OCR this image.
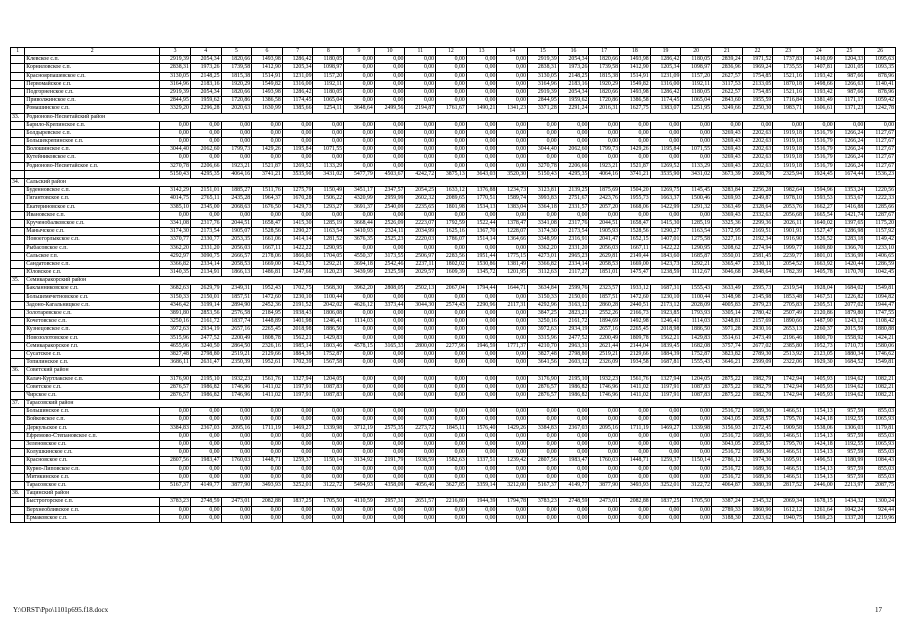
1	2	3	4	5	6	7	8	9	10	11	12	13	14	15	16	17	18	19	20	21	22	23	24	25	26
	Клевское с.п.	2919,39	2054,34	1820,66	1493,98	1286,42	1180,05	0,00	0,00	0,00	0,00	0,00	0,00	2919,39	2054,34	1820,66	1493,98	1286,42	1180,05	2839,24	1971,52	1737,83	1410,09	1204,33	1095,63
	Корниловское с.п.	2838,31	1973,26	1739,58	1412,90	1205,34	1098,97	0,00	0,00	0,00	0,00	0,00	0,00	2838,31	1973,26	1739,58	1412,90	1205,34	1098,97	2836,96	1969,24	1735,55	1407,81	1201,05	1093,35
	Красноярпашевское с.п.	3130,05	2148,25	1815,38	1514,91	1231,09	1157,20	0,00	0,00	0,00	0,00	0,00	0,00	3130,05	2148,25	1815,38	1514,91	1231,09	1157,20	2627,57	1754,85	1521,16	1193,42	987,66	878,96
	Первомайское с.п.	3164,96	2183,16	1920,29	1549,82	1316,00	1192,11	0,00	0,00	0,00	0,00	0,00	0,00	3164,96	2183,16	1920,29	1549,82	1316,00	1192,11	3117,53	2133,05	1870,18	1498,66	1266,63	1140,41
	Подгорненское с.п.	2919,39	2054,34	1820,66	1493,98	1286,42	1180,05	0,00	0,00	0,00	0,00	0,00	0,00	2919,39	2054,34	1820,66	1493,98	1286,42	1180,05	2622,57	1754,85	1521,16	1193,42	987,66	878,96
	Приволжинское с.п.	2844,95	1959,62	1720,86	1386,58	1174,45	1065,04	0,00	0,00	0,00	0,00	0,00	0,00	2844,95	1959,62	1720,86	1386,58	1174,45	1065,04	2843,60	1955,59	1716,84	1381,49	1171,17	1059,42
	Ромашинское с.п.	3329,20	2296,28	2020,63	1630,99	1385,66	1254,11	3648,64	2499,56	2194,87	1761,67	1490,21	1341,23	3371,28	2291,24	2016,31	1627,75	1383,07	1251,95	3249,66	2250,30	1983,71	1606,61	1371,23	1242,78
33.	Родионово-Несветайский район																								
	Барило-Крепинское с.п.	0,00	0,00	0,00	0,00	0,00	0,00	0,00	0,00	0,00	0,00	0,00	0,00	0,00	0,00	0,00	0,00	0,00	0,00	0,00	0,00	0,00	0,00	0,00	0,00
	Болдыревское с.п.	0,00	0,00	0,00	0,00	0,00	0,00	0,00	0,00	0,00	0,00	0,00	0,00	0,00	0,00	0,00	0,00	0,00	0,00	3269,43	2202,63	1919,18	1516,79	1266,24	1127,67
	Большекрепинское с.п.	0,00	0,00	0,00	0,00	0,00	0,00	0,00	0,00	0,00	0,00	0,00	0,00	0,00	0,00	0,00	0,00	0,00	0,00	3269,43	2202,63	1919,18	1516,79	1266,24	1127,67
	Волошинское с.п.	3044,40	2062,60	1799,73	1429,26	1195,84	1071,55	0,00	0,00	0,00	0,00	0,00	0,00	3044,40	2062,60	1799,73	1429,26	1195,84	1071,55	3269,43	2202,63	1919,18	1516,79	1266,24	1127,67
	Кутейниковское с.п.	0,00	0,00	0,00	0,00	0,00	0,00	0,00	0,00	0,00	0,00	0,00	0,00	0,00	0,00	0,00	0,00	0,00	0,00	3269,43	2202,63	1919,18	1516,79	1266,24	1127,67
	Родионово-Несветайское с.п.	3270,78	2206,66	1923,21	1521,87	1269,52	1133,29	0,00	0,00	0,00	0,00	0,00	0,00	3270,78	2206,66	1923,21	1521,87	1269,52	1133,29	3269,43	2202,63	1919,18	1516,79	1266,24	1127,67
		5150,43	4295,35	4064,16	3741,21	3535,90	3431,02	5477,79	4503,67	4242,72	3875,13	3643,03	3520,30	5150,43	4295,35	4064,16	3741,21	3535,90	3431,02	3673,39	2608,79	2325,94	1924,45	1674,44	1536,23
34.	Сальский район																								
	Буденновское с.п.	3142,29	2151,01	1885,27	1511,76	1275,79	1150,49	3451,17	2347,57	2054,25	1633,12	1376,88	1234,73	3123,81	2139,25	1875,69	1504,20	1269,75	1145,45	3283,84	2256,28	1982,64	1594,96	1353,24	1220,56
	Гигантовское с.п.	4014,75	2765,11	2435,28	1964,37	1670,28	1506,22	4320,99	2959,99	2602,32	2089,65	1770,51	1589,74	3993,83	2751,67	2423,76	1955,73	1663,37	1500,46	3269,93	2249,87	1978,10	1593,53	1353,67	1222,33
	Екатериновское с.п.	3385,10	2345,00	2068,63	1676,50	1429,73	1293,27	3691,37	2540,09	2235,65	1801,98	1534,13	1383,04	3364,18	2331,57	2057,20	1668,06	1422,99	1291,32	3363,49	2328,64	2053,76	1662,27	1416,88	1285,66
	Ивановское с.п.	0,00	0,00	0,00	0,00	0,00	0,00	0,00	0,00	0,00	0,00	0,00	0,00	0,00	0,00	0,00	0,00	0,00	0,00	3369,43	2332,63	2056,68	1665,54	1421,74	1287,67
	Крученобалковское с.п.	3341,08	2317,76	2044,51	1658,47	1415,30	1285,19	3668,44	2526,09	2223,07	1792,59	1522,44	1378,47	3341,08	2317,76	2044,51	1658,47	1415,30	1285,19	3325,36	2299,36	2026,11	1640,02	1397,65	1175,20
	Манычское с.п.	3174,30	2173,54	1905,07	1528,56	1290,27	1163,54	3410,93	2324,11	2034,99	1625,16	1367,70	1228,07	3174,30	2173,54	1905,93	1528,56	1290,27	1163,54	3172,95	2169,51	1901,91	1527,47	1286,98	1157,92
	Новоегорлыкское с.п.	3370,77	2330,77	2053,35	1661,06	1414,14	1281,52	3676,35	2525,23	2220,03	1786,07	1514,14	1364,66	3348,99	2316,91	2041,47	1652,15	1407,01	1275,58	3227,16	2192,34	1916,90	1526,52	1283,18	1149,42
	Рыбасовское с.п.	3362,20	2331,20	2056,03	1667,11	1422,22	1290,95	0,00	0,00	0,00	0,00	0,00	0,00	3362,20	2331,20	2056,03	1667,11	1422,22	1290,95	3208,62	2274,94	1999,77	1609,80	1366,70	1233,10
	Сальское г.п.	4292,97	3090,75	2666,57	2178,06	1866,80	1704,05	4550,37	3173,55	2506,97	2283,56	1951,44	1775,15	4273,01	2965,23	2629,81	2149,44	1843,60	1685,87	3550,01	2581,45	2239,77	1801,01	1536,99	1406,65
	Сандатовское с.п.	3366,82	2334,14	2058,53	1669,00	1423,73	1292,21	3694,18	2542,46	2237,11	1802,02	1530,86	1381,49	3366,82	2334,14	2058,53	1669,00	1423,73	1292,21	3365,47	2330,11	2054,52	1663,92	1420,44	1286,59
	Юловское с.п.	3140,35	2134,91	1866,13	1486,81	1247,66	1120,23	3439,99	2325,59	2029,57	1609,39	1345,72	1201,95	3112,63	2117,27	1851,01	1475,47	1238,59	1112,67	3046,68	2048,64	1782,39	1405,78	1170,70	1042,45
35.	Семикаракорский район																								
	Бакланниковское с.п.	3682,63	2629,79	2349,31	1952,43	1702,75	1568,30	3962,20	2808,05	2502,13	2067,04	1794,44	1644,71	3634,84	2599,76	2323,57	1933,12	1687,31	1555,43	3633,49	2595,73	2319,54	1928,04	1684,02	1549,81
	Большемечетновское с.п.	3150,33	2150,01	1857,51	1472,60	1230,10	1100,44	0,00	0,00	0,00	0,00	0,00	0,00	3150,33	2150,01	1857,51	1472,60	1230,10	1100,44	3148,98	2145,98	1853,48	1467,51	1226,82	1094,82
	Задоно-Кагальницкое с.п.	4346,42	3199,14	2894,90	2452,36	2191,52	2042,02	4626,12	3373,44	3044,30	2574,43	2290,96	2117,31	4292,96	3163,12	2860,28	2440,51	2173,12	2028,09	4005,83	2979,23	2705,83	2305,51	2077,02	1944,47
	Золотаревское с.п.	3891,80	2853,56	2576,58	2184,95	1938,43	1806,08	0,00	0,00	0,00	0,00	0,00	0,00	3847,25	2823,21	2552,26	2166,73	1923,85	1793,93	3305,14	2780,42	2507,49	2120,86	1879,80	1747,55
	Кочетовское с.п.	3250,16	2161,72	1837,74	1448,89	1401,98	1246,41	1114,03	0,00	0,00	0,00	0,00	0,00	3250,16	2161,72	1894,69	1492,98	1246,41	1114,03	3248,81	2157,69	1890,66	1487,90	1243,12	1108,42
	Кузнецовское с.п.	3972,63	2934,19	2657,16	2265,45	2018,98	1886,50	0,00	0,00	0,00	0,00	0,00	0,00	3972,63	2934,19	2657,16	2265,45	2018,98	1886,50	3971,28	2930,16	2653,13	2260,37	2015,59	1880,88
	Новозолотовское с.п.	3515,96	2477,52	2200,49	1808,78	1562,21	1429,83	0,00	0,00	0,00	0,00	0,00	0,00	3315,96	2477,52	2200,49	1809,78	1562,21	1429,83	3514,61	2473,49	2196,46	1800,70	1558,92	1424,21
	Семикаракорское г.п.	4655,96	3240,50	2864,50	2326,16	1985,14	1803,46	4578,15	3165,33	2800,00	2277,96	1946,59	1771,37	4210,70	2963,31	2621,44	2144,04	1839,45	1682,08	3757,74	2677,02	2385,80	1952,73	1710,73	1580,06
	Сусатское с.п.	3827,48	2798,80	2519,21	2129,66	1884,39	1752,87	0,00	0,00	0,00	0,00	0,00	0,00	3827,48	2798,80	2519,21	2129,66	1884,39	1752,87	3823,82	2789,30	2513,92	2123,05	1880,34	1746,62
	Топилинское с.п.	3686,11	2631,47	2350,39	1952,61	1702,39	1567,58	0,00	0,00	0,00	0,00	0,00	0,00	3641,56	2603,12	2326,09	1934,58	1687,81	1555,43	3646,21	2599,09	2322,06	1929,30	1684,52	1549,81
36.	Советский район																								
	Калач-Куртлакское с.п.	3176,90	2195,10	1932,23	1561,76	1327,94	1204,05	0,00	0,00	0,00	0,00	0,00	0,00	3176,90	2195,10	1932,23	1561,76	1327,94	1204,05	2875,22	1982,79	1742,94	1405,93	1194,62	1082,21
	Советское с.п.	2876,57	1986,82	1746,96	1411,02	1197,91	1087,83	0,00	0,00	0,00	0,00	0,00	0,00	2876,57	1986,82	1746,96	1411,02	1197,91	1087,83	2875,22	1982,79	1742,94	1405,93	1194,62	1082,21
	Чирское с.п.	2876,57	1986,82	1746,96	1411,02	1197,91	1087,83	0,00	0,00	0,00	0,00	0,00	0,00	2876,57	1986,82	1746,96	1411,02	1197,91	1087,83	2875,22	1982,79	1742,94	1405,93	1194,62	1082,21
37.	Тарасовский район																								
	Большинское с.п.	0,00	0,00	0,00	0,00	0,00	0,00	0,00	0,00	0,00	0,00	0,00	0,00	0,00	0,00	0,00	0,00	0,00	0,00	2516,72	1689,36	1466,51	1154,13	957,59	855,03
	Войковское с.п.	0,00	0,00	0,00	0,00	0,00	0,00	0,00	0,00	0,00	0,00	0,00	0,00	0,00	0,00	0,00	0,00	0,00	0,00	3043,05	2058,57	1795,70	1424,18	1192,55	1065,93
	Деркульское с.п.	3384,83	2367,03	2095,16	1711,19	1469,27	1339,98	3712,19	2575,35	2273,72	1845,11	1576,40	1429,26	3384,83	2367,03	2095,16	1711,19	1469,27	1339,98	3156,93	2172,45	1909,58	1538,06	1306,03	1179,81
	Ефремово-Степановское с.п.	0,00	0,00	0,00	0,00	0,00	0,00	0,00	0,00	0,00	0,00	0,00	0,00	0,00	0,00	0,00	0,00	0,00	0,00	2516,72	1689,36	1466,51	1154,13	957,59	855,03
	Зеленовское с.п.	0,00	0,00	0,00	0,00	0,00	0,00	0,00	0,00	0,00	0,00	0,00	0,00	0,00	0,00	0,00	0,00	0,00	0,00	3043,05	2058,57	1795,70	1424,18	1192,55	1065,93
	Колушкинское с.п.	0,00	0,00	0,00	0,00	0,00	0,00	0,00	0,00	0,00	0,00	0,00	0,00	0,00	0,00	0,00	0,00	0,00	0,00	2516,72	1689,36	1466,51	1154,13	957,59	855,03
	Красновское с.п.	2807,56	1983,47	1760,03	1448,71	1259,37	1150,14	3134,92	2191,79	1938,59	1582,63	1337,51	1239,42	2807,56	1983,47	1760,03	1448,71	1259,37	1150,14	2786,12	1974,36	1695,91	1496,51	1180,99	1084,43
	Курно-Липовское с.п.	0,00	0,00	0,00	0,00	0,00	0,00	0,00	0,00	0,00	0,00	0,00	0,00	0,00	0,00	0,00	0,00	0,00	0,00	2516,72	1689,36	1466,51	1154,13	957,59	855,03
	Митякинское с.п.	0,00	0,00	0,00	0,00	0,00	0,00	0,00	0,00	0,00	0,00	0,00	0,00	0,00	0,00	0,00	0,00	0,00	0,00	2516,72	1689,36	1466,51	1154,13	957,59	855,03
	Тарасовское с.п.	5167,37	4149,77	3877,90	3493,93	3252,01	3122,72	5494,93	4358,09	4056,46	3627,85	3359,14	3212,00	5167,37	4149,77	3877,90	3493,93	3252,01	3122,72	4064,87	3080,39	2817,52	2446,00	2213,97	2087,75
38.	Тацинский район																								
	Быстрогорское с.п.	3783,23	2748,59	2473,01	2082,88	1837,25	1705,50	4110,59	2957,31	2651,57	2216,80	1944,39	1794,78	3783,23	2748,59	2473,01	2082,88	1837,25	1705,50	3387,24	2345,32	2069,34	1678,15	1434,32	1300,24
	Верхнеобливское с.п.	0,00	0,00	0,00	0,00	0,00	0,00	0,00	0,00	0,00	0,00	0,00	0,00	0,00	0,00	0,00	0,00	0,00	0,00	2789,33	1860,96	1612,12	1261,64	1042,24	924,44
	Ермаковское с.п.	0,00	0,00	0,00	0,00	0,00	0,00	0,00	0,00	0,00	0,00	0,00	0,00	0,00	0,00	0,00	0,00	0,00	0,00	3188,30	2203,62	1940,75	1569,23	1337,20	1219,96
Y:\ORST\Ppo\1101p695.f18.docx	17
